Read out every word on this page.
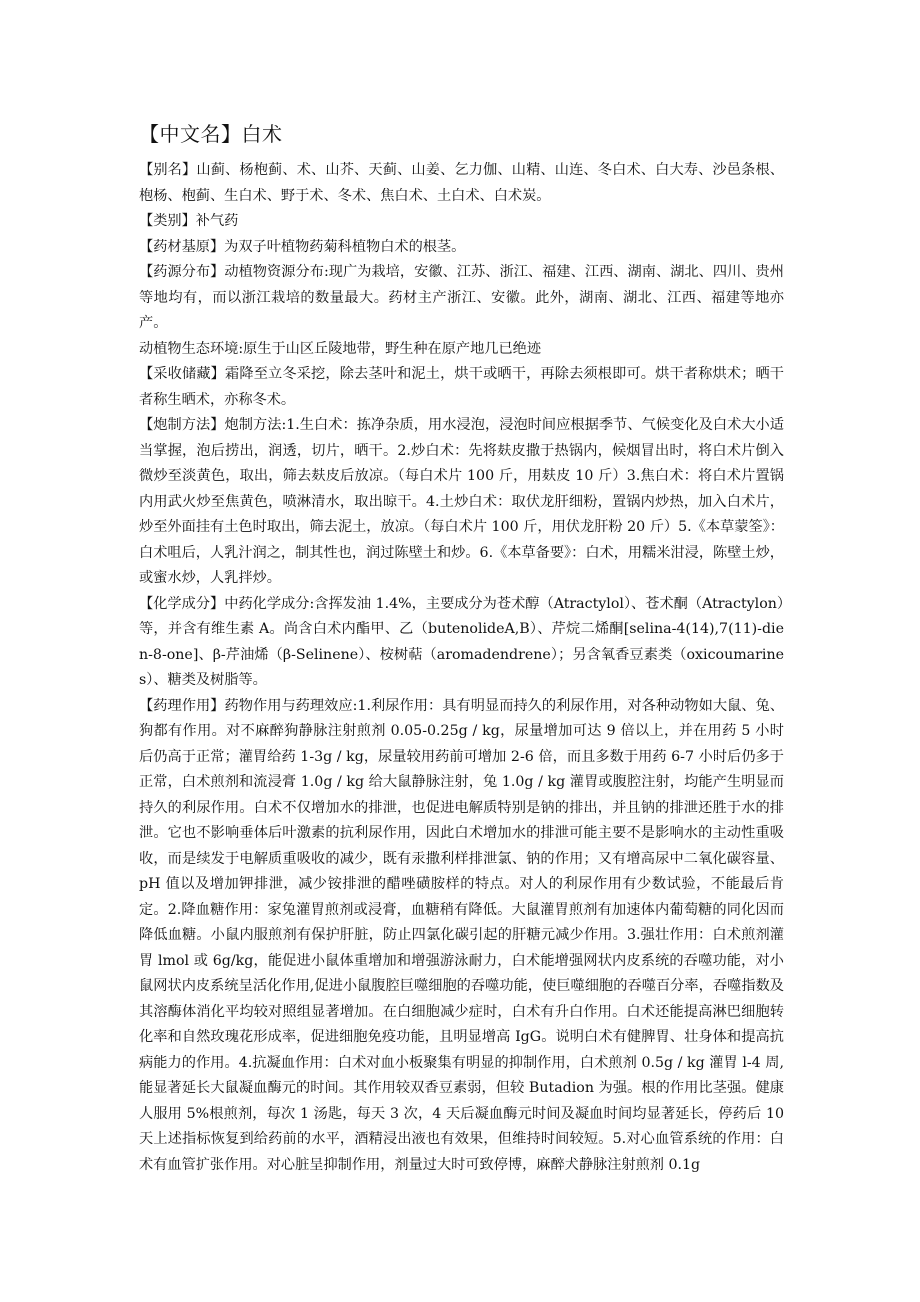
【中文名】白术

【别名】山蓟、杨枹蓟、术、山芥、天蓟、山姜、乞力伽、山精、山连、冬白术、白大寿、沙邑条根、枹杨、枹蓟、生白术、野于术、冬术、焦白术、土白术、白术炭。

【类别】补气药

【药材基原】为双子叶植物药菊科植物白术的根茎。

【药源分布】动植物资源分布:现广为栽培，安徽、江苏、浙江、福建、江西、湖南、湖北、四川、贵州等地均有，而以浙江栽培的数量最大。药材主产浙江、安徽。此外，湖南、湖北、江西、福建等地亦产。

动植物生态环境:原生于山区丘陵地带，野生种在原产地几已绝迹

【采收储藏】霜降至立冬采挖，除去茎叶和泥土，烘干或晒干，再除去须根即可。烘干者称烘术；晒干者称生晒术，亦称冬术。

【炮制方法】炮制方法:1.生白术：拣净杂质，用水浸泡，浸泡时间应根据季节、气候变化及白术大小适当掌握，泡后捞出，润透，切片，晒干。2.炒白术：先将麸皮撒于热锅内，候烟冒出时，将白术片倒入微炒至淡黄色，取出，筛去麸皮后放凉。（每白术片 100 斤，用麸皮 10 斤）3.焦白术：将白术片置锅内用武火炒至焦黄色，喷淋清水，取出晾干。4.土炒白术：取伏龙肝细粉，置锅内炒热，加入白术片，炒至外面挂有土色时取出，筛去泥土，放凉。（每白术片 100 斤，用伏龙肝粉 20 斤）5.《本草蒙筌》：白术咀后，人乳汁润之，制其性也，润过陈壁土和炒。6.《本草备要》：白术，用糯米泔浸，陈壁土炒，或蜜水炒，人乳拌炒。

【化学成分】中药化学成分:含挥发油 1.4%，主要成分为苍术醇（Atractylol）、苍术酮（Atractylon）等，并含有维生素 A。尚含白术内酯甲、乙（butenolideA,B）、芹烷二烯酮[selina-4(14),7(11)-dien-8-one]、β-芹油烯（β-Selinene）、桉树萜（aromadendrene）；另含氧香豆素类（oxicoumarines）、糖类及树脂等。

【药理作用】药物作用与药理效应:1.利尿作用：具有明显而持久的利尿作用，对各种动物如大鼠、兔、狗都有作用。对不麻醉狗静脉注射煎剂 0.05-0.25g / kg，尿量增加可达 9 倍以上，并在用药 5 小时后仍高于正常；灌胃给药 1-3g / kg，尿量较用药前可增加 2-6 倍，而且多数于用药 6-7 小时后仍多于正常，白术煎剂和流浸膏 1.0g / kg 给大鼠静脉注射，兔 1.0g / kg 灌胃或腹腔注射，均能产生明显而持久的利尿作用。白术不仅增加水的排泄，也促进电解质特别是钠的排出，并且钠的排泄还胜于水的排泄。它也不影响垂体后叶激素的抗利尿作用，因此白术增加水的排泄可能主要不是影响水的主动性重吸收，而是续发于电解质重吸收的减少，既有汞撒利样排泄氯、钠的作用；又有增高尿中二氧化碳容量、pH 值以及增加钾排泄，减少铵排泄的醋唑磺胺样的特点。对人的利尿作用有少数试验，不能最后肯定。2.降血糖作用：家兔灌胃煎剂或浸膏，血糖稍有降低。大鼠灌胃煎剂有加速体内葡萄糖的同化因而降低血糖。小鼠内服煎剂有保护肝脏，防止四氯化碳引起的肝糖元减少作用。3.强壮作用：白术煎剂灌胃 lmol 或 6g/kg，能促进小鼠体重增加和增强游泳耐力，白术能增强网状内皮系统的吞噬功能，对小鼠网状内皮系统呈活化作用,促进小鼠腹腔巨噬细胞的吞噬功能，使巨噬细胞的吞噬百分率，吞噬指数及其溶酶体消化平均较对照组显著增加。在白细胞减少症时，白术有升白作用。白术还能提高淋巴细胞转化率和自然玫瑰花形成率，促进细胞免疫功能，且明显增高 IgG。说明白术有健脾胃、壮身体和提高抗病能力的作用。4.抗凝血作用：白术对血小板聚集有明显的抑制作用，白术煎剂 0.5g / kg 灌胃 l-4 周,能显著延长大鼠凝血酶元的时间。其作用较双香豆素弱，但较 Butadion 为强。根的作用比茎强。健康人服用 5%根煎剂，每次 1 汤匙，每天 3 次，4 天后凝血酶元时间及凝血时间均显著延长，停药后 10 天上述指标恢复到给药前的水平，酒精浸出液也有效果，但维持时间较短。5.对心血管系统的作用：白术有血管扩张作用。对心脏呈抑制作用，剂量过大时可致停博，麻醉犬静脉注射煎剂 0.1g
